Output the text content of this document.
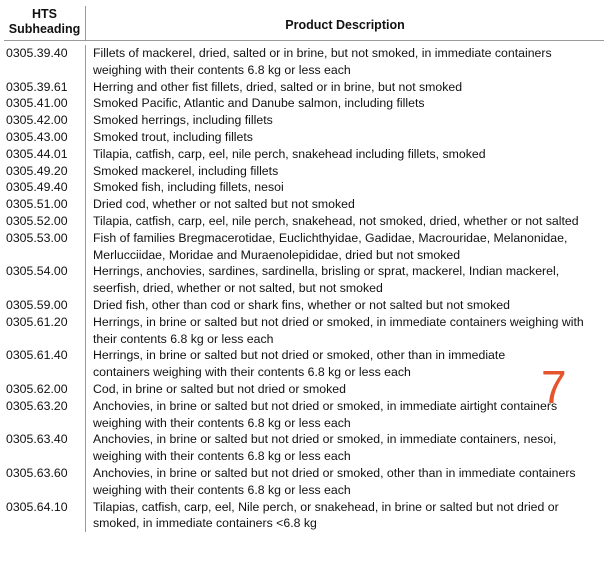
HTS
Subheading	Product Description
0305.39.40	Fillets of mackerel, dried, salted or in brine, but not smoked, in immediate containers weighing with their contents 6.8 kg or less each
0305.39.61	Herring and other fist fillets, dried, salted or in brine, but not smoked
0305.41.00	Smoked Pacific, Atlantic and Danube salmon, including fillets
0305.42.00	Smoked herrings, including fillets
0305.43.00	Smoked trout, including fillets
0305.44.01	Tilapia, catfish, carp, eel, nile perch, snakehead including fillets, smoked
0305.49.20	Smoked mackerel, including fillets
0305.49.40	Smoked fish, including fillets, nesoi
0305.51.00	Dried cod, whether or not salted but not smoked
0305.52.00	Tilapia, catfish, carp, eel, nile perch, snakehead, not smoked, dried, whether or not salted
0305.53.00	Fish of families Bregmacerotidae, Euclichthyidae, Gadidae, Macrouridae, Melanonidae, Merlucciidae, Moridae and Muraenolepididae, dried but not smoked
0305.54.00	Herrings, anchovies, sardines, sardinella, brisling or sprat, mackerel, Indian mackerel, seerfish, dried, whether or not salted, but not smoked
0305.59.00	Dried fish, other than cod or shark fins, whether or not salted but not smoked
0305.61.20	Herrings, in brine or salted but not dried or smoked, in immediate containers weighing with their contents 6.8 kg or less each
0305.61.40	Herrings, in brine or salted but not dried or smoked, other than in immediate containers weighing with their contents 6.8 kg or less each
0305.62.00	Cod, in brine or salted but not dried or smoked
0305.63.20	Anchovies, in brine or salted but not dried or smoked, in immediate airtight containers weighing with their contents 6.8 kg or less each
0305.63.40	Anchovies, in brine or salted but not dried or smoked, in immediate containers, nesoi, weighing with their contents 6.8 kg or less each
0305.63.60	Anchovies, in brine or salted but not dried or smoked, other than in immediate containers weighing with their contents 6.8 kg or less each
0305.64.10	Tilapias, catfish, carp, eel, Nile perch, or snakehead, in brine or salted but not dried or smoked, in immediate containers <6.8 kg
7
